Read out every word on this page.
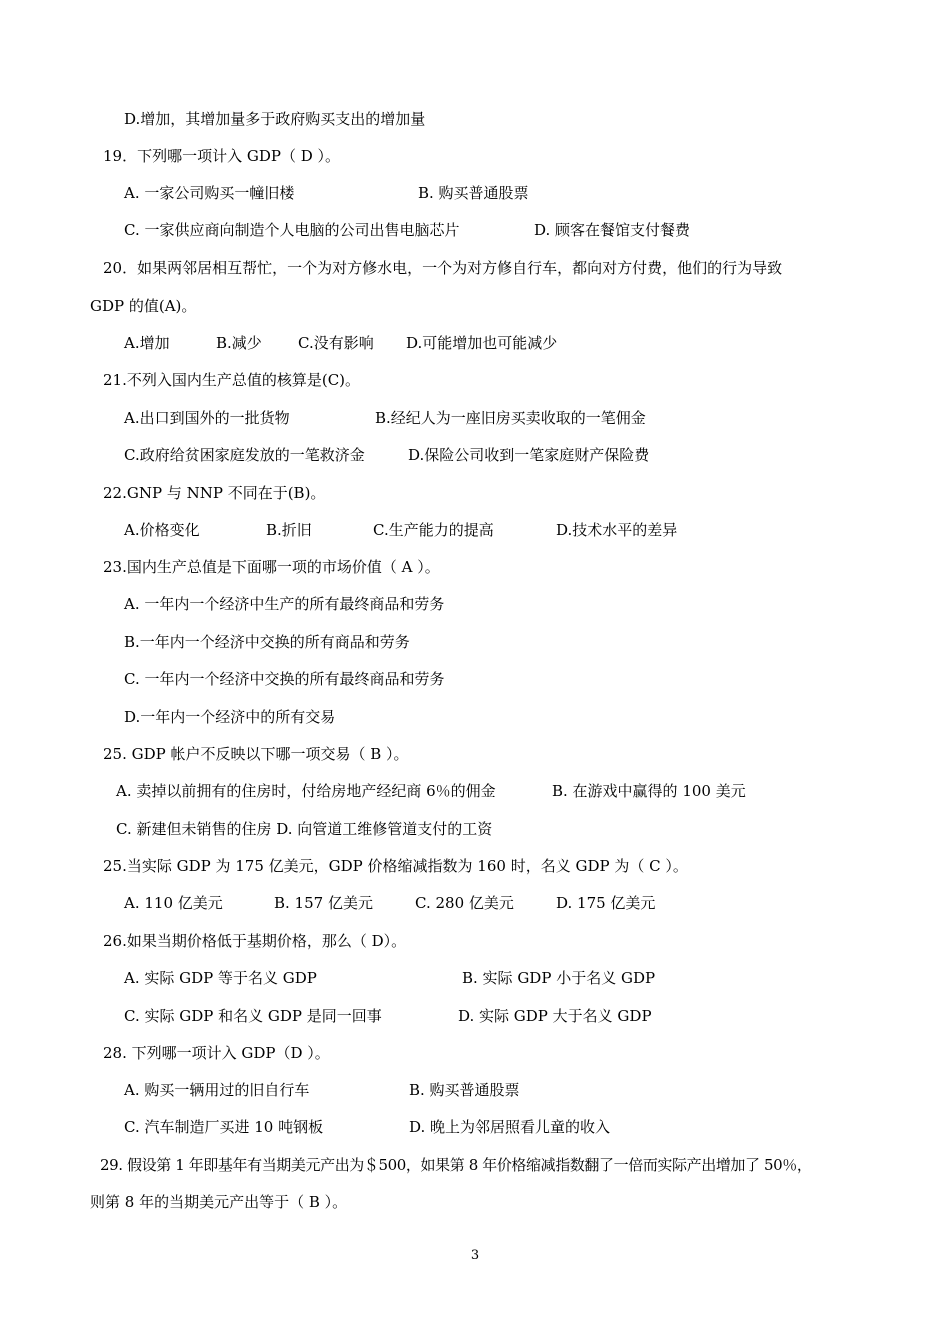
D.增加，其增加量多于政府购买支出的增加量
19．下列哪一项计入 GDP（ D ）。
A. 一家公司购买一幢旧楼	B. 购买普通股票
C. 一家供应商向制造个人电脑的公司出售电脑芯片	D. 顾客在餐馆支付餐费
20．如果两邻居相互帮忙，一个为对方修水电，一个为对方修自行车，都向对方付费，他们的行为导致
GDP 的值(A)。
A.增加	B.减少 C.没有影响 D.可能增加也可能减少
21.不列入国内生产总值的核算是(C)。
A.出口到国外的一批货物	B.经纪人为一座旧房买卖收取的一笔佣金
C.政府给贫困家庭发放的一笔救济金	D.保险公司收到一笔家庭财产保险费
22.GNP 与 NNP 不同在于(B)。
A.价格变化	B.折旧	C.生产能力的提高	D.技术水平的差异
23.国内生产总值是下面哪一项的市场价值（ A ）。
A. 一年内一个经济中生产的所有最终商品和劳务
B.一年内一个经济中交换的所有商品和劳务
C. 一年内一个经济中交换的所有最终商品和劳务
D.一年内一个经济中的所有交易
25. GDP 帐户不反映以下哪一项交易（ B ）。
A. 卖掉以前拥有的住房时，付给房地产经纪商 6％的佣金	B. 在游戏中赢得的 100 美元
C. 新建但未销售的住房 D. 向管道工维修管道支付的工资
25.当实际 GDP 为 175 亿美元，GDP 价格缩减指数为 160 时，名义 GDP 为（ C ）。
A. 110 亿美元	B. 157 亿美元	C. 280 亿美元	D. 175 亿美元
26.如果当期价格低于基期价格，那么（ D）。
A. 实际 GDP 等于名义 GDP	B. 实际 GDP 小于名义 GDP
C. 实际 GDP 和名义 GDP 是同一回事	D. 实际 GDP 大于名义 GDP
28. 下列哪一项计入 GDP（D ）。
A. 购买一辆用过的旧自行车	B. 购买普通股票
C. 汽车制造厂买进 10 吨钢板	D. 晚上为邻居照看儿童的收入
29. 假设第 1 年即基年有当期美元产出为＄500，如果第 8 年价格缩减指数翻了一倍而实际产出增加了 50％，
则第 8 年的当期美元产出等于（ B ）。
3
